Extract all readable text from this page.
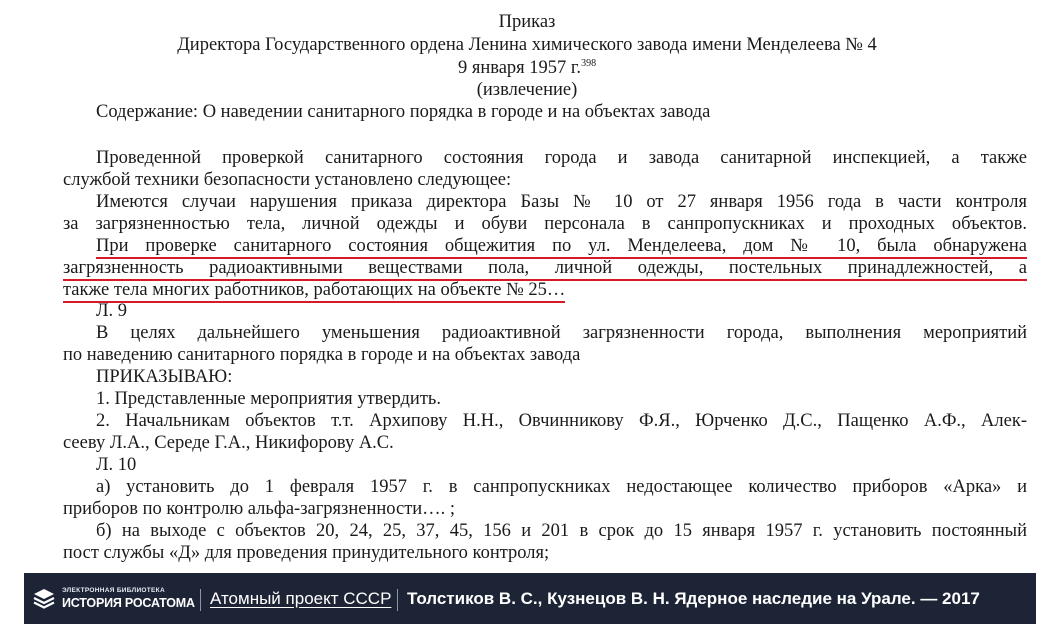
Приказ
Директора Государственного ордена Ленина химического завода имени Менделеева № 4
9 января 1957 г.$^{398}$
(извлечение)
Содержание: О наведении санитарного порядка в городе и на объектах завода
Проведенной проверкой санитарного состояния города и завода санитарной инспекцией, а также
службой техники безопасности установлено следующее:
Имеются случаи нарушения приказа директора Базы № 10 от 27 января 1956 года в части контроля
за загрязненностью тела, личной одежды и обуви персонала в санпропускниках и проходных объектов.
При проверке санитарного состояния общежития по ул. Менделеева, дом № 10, была обнаружена
загрязненность радиоактивными веществами пола, личной одежды, постельных принадлежностей, а
также тела многих работников, работающих на объекте № 25…
Л. 9
В целях дальнейшего уменьшения радиоактивной загрязненности города, выполнения мероприятий
по наведению санитарного порядка в городе и на объектах завода
ПРИКАЗЫВАЮ:
1. Представленные мероприятия утвердить.
2. Начальникам объектов т.т. Архипову Н.Н., Овчинникову Ф.Я., Юрченко Д.С., Пащенко А.Ф., Алек-
сееву Л.А., Середе Г.А., Никифорову А.С.
Л. 10
а) установить до 1 февраля 1957 г. в санпропускниках недостающее количество приборов «Арка» и
приборов по контролю альфа-загрязненности…. ;
б) на выходе с объектов 20, 24, 25, 37, 45, 156 и 201 в срок до 15 января 1957 г. установить постоянный
пост службы «Д» для проведения принудительного контроля;
ЭЛЕКТРОННАЯ БИБЛИОТЕКА
ИСТОРИЯ РОСАТОМА Атомный проект СССР Толстиков В. С., Кузнецов В. Н. Ядерное наследие на Урале. — 2017
